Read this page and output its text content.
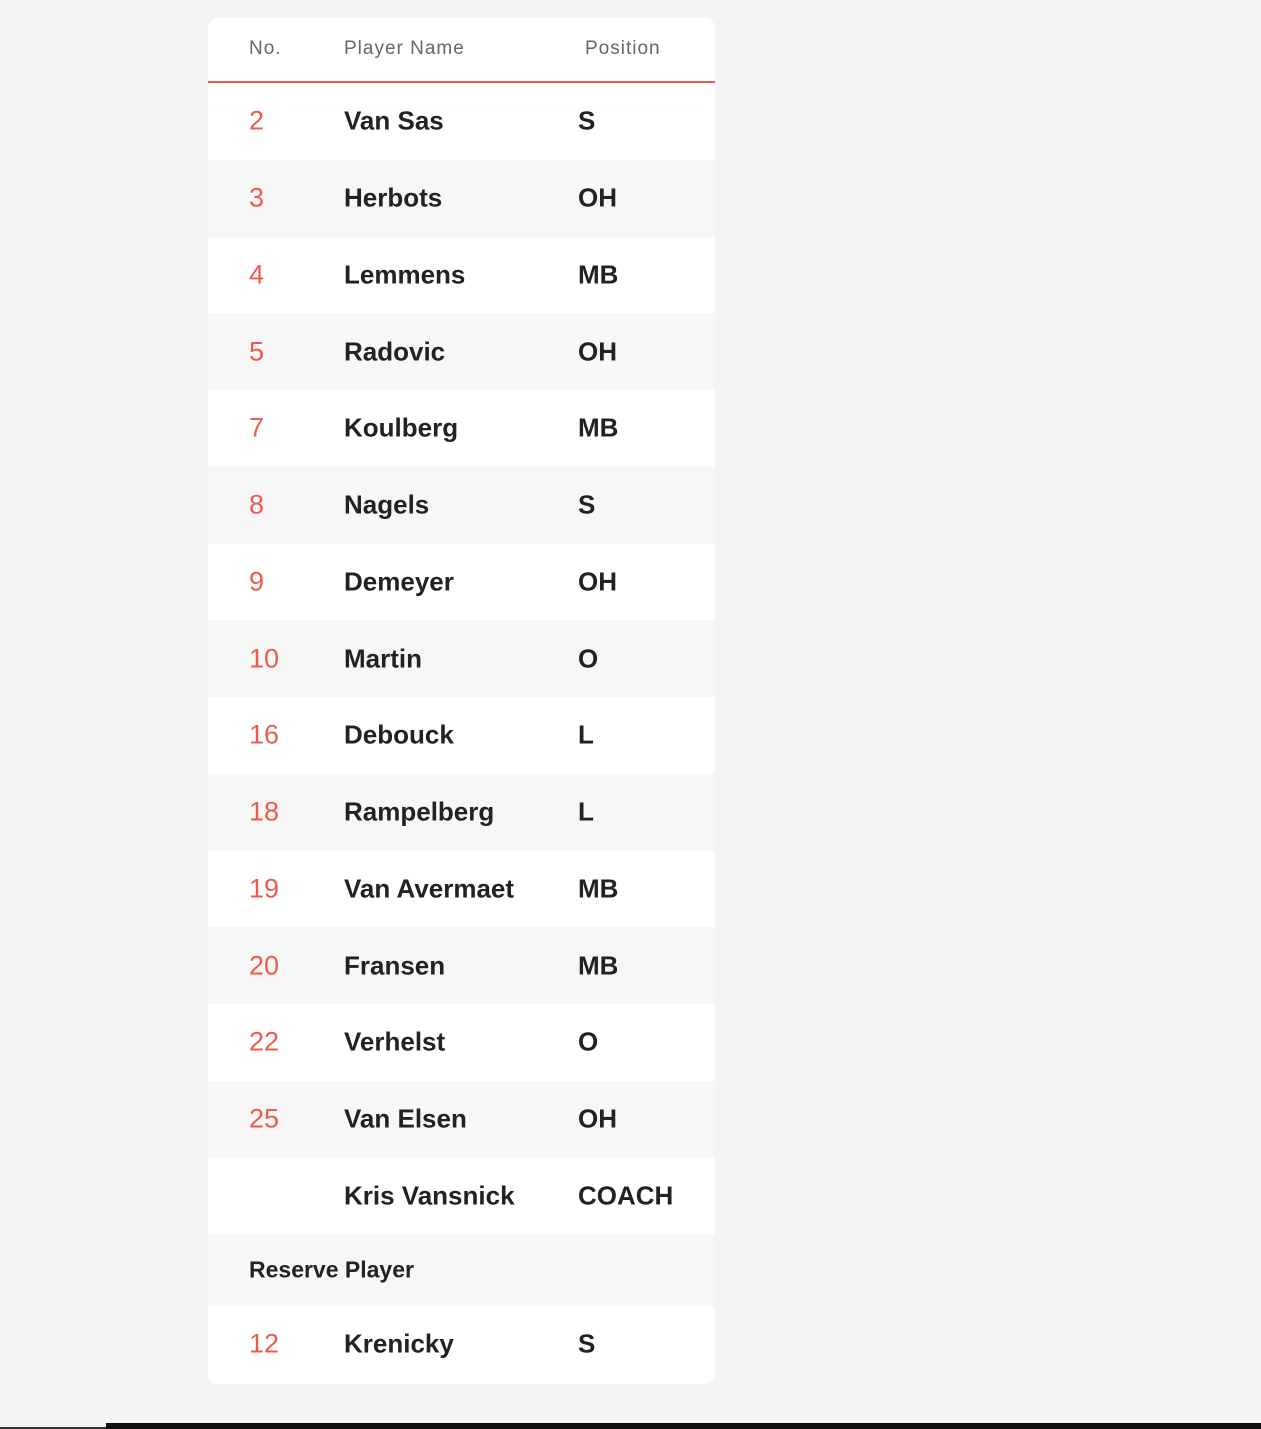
No.	Player Name	Position
2	Van Sas	S
3	Herbots	OH
4	Lemmens	MB
5	Radovic	OH
7	Koulberg	MB
8	Nagels	S
9	Demeyer	OH
10 Martin	O
16 Debouck	L
18 Rampelberg	L
19 Van Avermaet MB
20 Fransen	MB
22 Verhelst	O
25 Van Elsen	OH
Kris Vansnick COACH
Reserve Player
12 Krenicky	S
